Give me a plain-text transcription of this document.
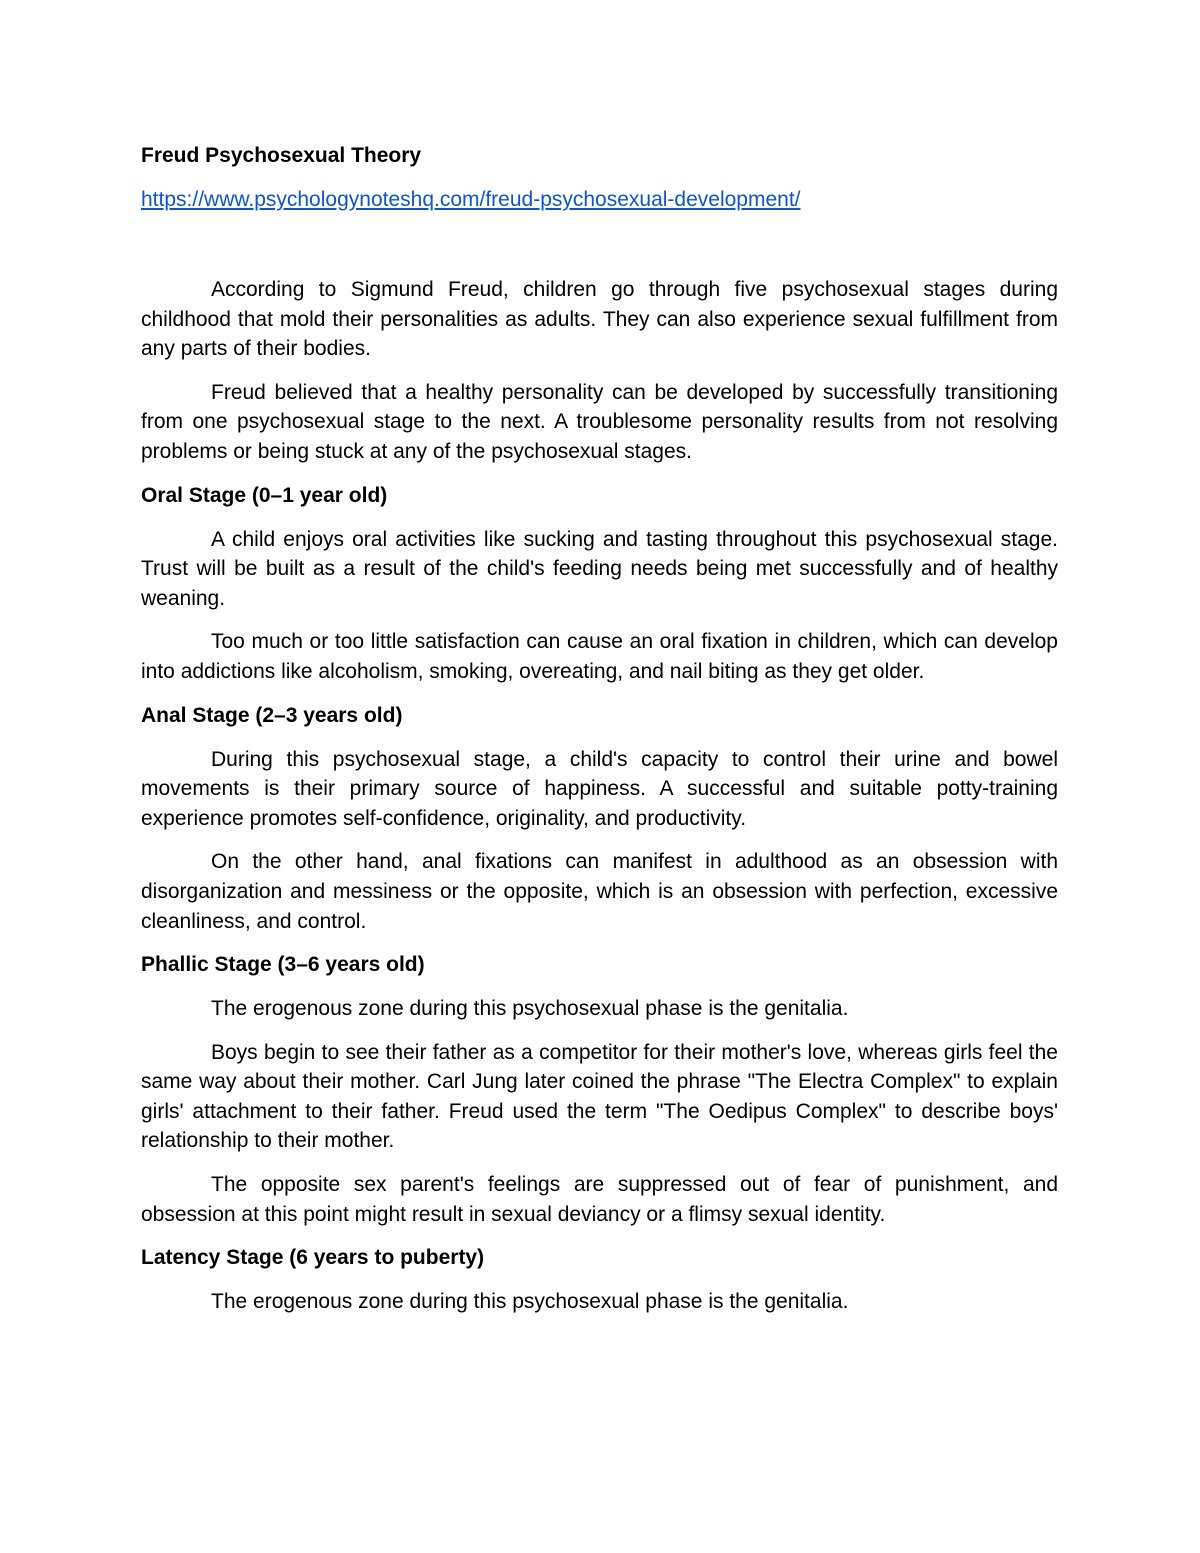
Freud Psychosexual Theory
https://www.psychologynoteshq.com/freud-psychosexual-development/

According to Sigmund Freud, children go through five psychosexual stages during childhood that mold their personalities as adults. They can also experience sexual fulfillment from any parts of their bodies.

Freud believed that a healthy personality can be developed by successfully transitioning from one psychosexual stage to the next. A troublesome personality results from not resolving problems or being stuck at any of the psychosexual stages.

Oral Stage (0–1 year old)

A child enjoys oral activities like sucking and tasting throughout this psychosexual stage. Trust will be built as a result of the child's feeding needs being met successfully and of healthy weaning.

Too much or too little satisfaction can cause an oral fixation in children, which can develop into addictions like alcoholism, smoking, overeating, and nail biting as they get older.

Anal Stage (2–3 years old)

During this psychosexual stage, a child's capacity to control their urine and bowel movements is their primary source of happiness. A successful and suitable potty-training experience promotes self-confidence, originality, and productivity.

On the other hand, anal fixations can manifest in adulthood as an obsession with disorganization and messiness or the opposite, which is an obsession with perfection, excessive cleanliness, and control.

Phallic Stage (3–6 years old)

The erogenous zone during this psychosexual phase is the genitalia.

Boys begin to see their father as a competitor for their mother's love, whereas girls feel the same way about their mother. Carl Jung later coined the phrase "The Electra Complex" to explain girls' attachment to their father. Freud used the term "The Oedipus Complex" to describe boys' relationship to their mother.

The opposite sex parent's feelings are suppressed out of fear of punishment, and obsession at this point might result in sexual deviancy or a flimsy sexual identity.

Latency Stage (6 years to puberty)

The erogenous zone during this psychosexual phase is the genitalia.
